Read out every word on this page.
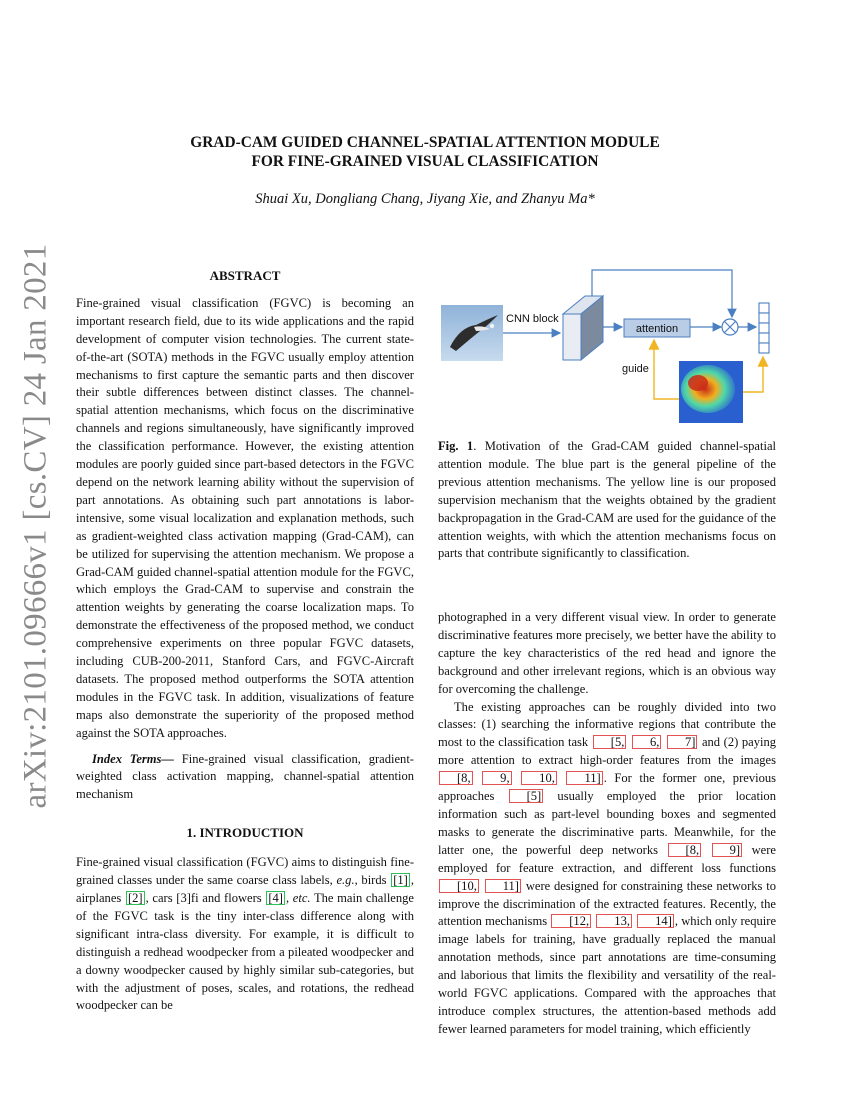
arXiv:2101.09666v1 [cs.CV] 24 Jan 2021
GRAD-CAM GUIDED CHANNEL-SPATIAL ATTENTION MODULE
FOR FINE-GRAINED VISUAL CLASSIFICATION
Shuai Xu, Dongliang Chang, Jiyang Xie, and Zhanyu Ma*
ABSTRACT

Fine-grained visual classification (FGVC) is becoming an important research field, due to its wide applications and the rapid development of computer vision technologies. The current state-of-the-art (SOTA) methods in the FGVC usually employ attention mechanisms to first capture the semantic parts and then discover their subtle differences between distinct classes. The channel-spatial attention mechanisms, which focus on the discriminative channels and regions simultaneously, have significantly improved the classification performance. However, the existing attention modules are poorly guided since part-based detectors in the FGVC depend on the network learning ability without the supervision of part annotations. As obtaining such part annotations is labor-intensive, some visual localization and explanation methods, such as gradient-weighted class activation mapping (Grad-CAM), can be utilized for supervising the attention mechanism. We propose a Grad-CAM guided channel-spatial attention module for the FGVC, which employs the Grad-CAM to supervise and constrain the attention weights by generating the coarse localization maps. To demonstrate the effectiveness of the proposed method, we conduct comprehensive experiments on three popular FGVC datasets, including CUB-200-2011, Stanford Cars, and FGVC-Aircraft datasets. The proposed method outperforms the SOTA attention modules in the FGVC task. In addition, visualizations of feature maps also demonstrate the superiority of the proposed method against the SOTA approaches.

Index Terms— Fine-grained visual classification, gradient-weighted class activation mapping, channel-spatial attention mechanism

1. INTRODUCTION

Fine-grained visual classification (FGVC) aims to distinguish fine-grained classes under the same coarse class labels, e.g., birds [1] , airplanes [2] , cars [3]fi and flowers [4] , etc. The main challenge of the FGVC task is the tiny inter-class difference along with significant intra-class diversity. For example, it is difficult to distinguish a redhead woodpecker from a pileated woodpecker and a downy woodpecker caused by highly similar sub-categories, but with the adjustment of poses, scales, and rotations, the redhead woodpecker can be

CNN block
attention
guide
Fig. 1. Motivation of the Grad-CAM guided channel-spatial attention module. The blue part is the general pipeline of the previous attention mechanisms. The yellow line is our proposed supervision mechanism that the weights obtained by the gradient backpropagation in the Grad-CAM are used for the guidance of the attention weights, with which the attention mechanisms focus on parts that contribute significantly to classification.

photographed in a very different visual view. In order to generate discriminative features more precisely, we better have the ability to capture the key characteristics of the red head and ignore the background and other irrelevant regions, which is an obvious way for overcoming the challenge.

The existing approaches can be roughly divided into two classes: (1) searching the informative regions that contribute the most to the classification task [5, 6, 7] and (2) paying more attention to extract high-order features from the images [8, 9, 10, 11] . For the former one, previous approaches [5] usually employed the prior location information such as part-level bounding boxes and segmented masks to generate the discriminative parts. Meanwhile, for the latter one, the powerful deep networks [8, 9] were employed for feature extraction, and different loss functions [10, 11] were designed for constraining these networks to improve the discrimination of the extracted features. Recently, the attention mechanisms [12, 13, 14] , which only require image labels for training, have gradually replaced the manual annotation methods, since part annotations are time-consuming and laborious that limits the flexibility and versatility of the real-world FGVC applications. Compared with the approaches that introduce complex structures, the attention-based methods add fewer learned parameters for model training, which efficiently
